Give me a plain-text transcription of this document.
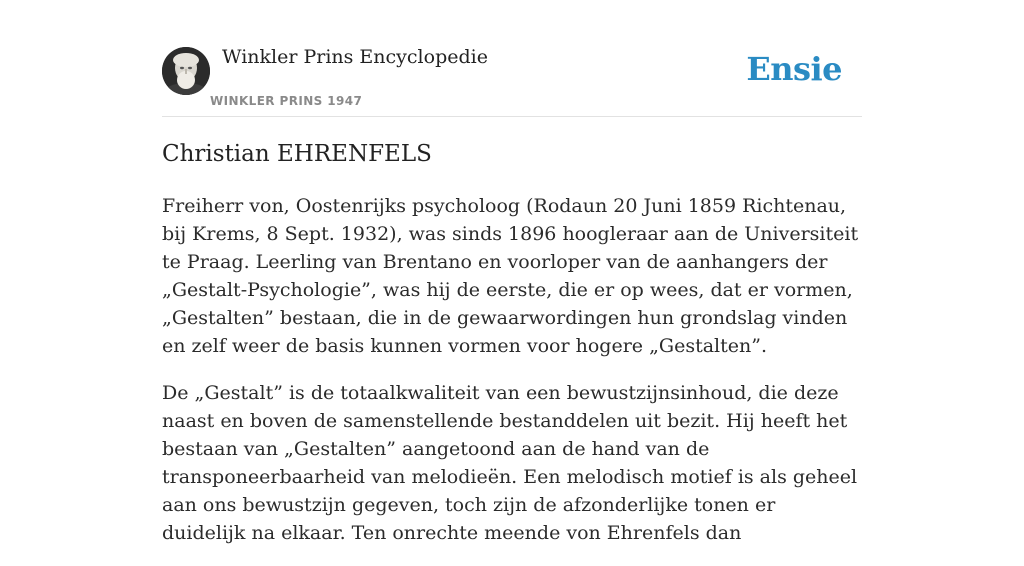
Winkler Prins Encyclopedie
WINKLER PRINS 1947
Ensie
Christian EHRENFELS

Freiherr von, Oostenrijks psycholoog (Rodaun 20 Juni 1859 Richtenau, bij Krems, 8 Sept. 1932), was sinds 1896 hoogleraar aan de Universiteit te Praag. Leerling van Brentano en voorloper van de aanhangers der „Gestalt-Psychologie”, was hij de eerste, die er op wees, dat er vormen, „Gestalten” bestaan, die in de gewaarwordingen hun grondslag vinden en zelf weer de basis kunnen vormen voor hogere „Gestalten”.

De „Gestalt” is de totaalkwaliteit van een bewustzijnsinhoud, die deze naast en boven de samenstellende bestanddelen uit bezit. Hij heeft het bestaan van „Gestalten” aangetoond aan de hand van de transponeerbaarheid van melodieën. Een melodisch motief is als geheel aan ons bewustzijn gegeven, toch zijn de afzonderlijke tonen er duidelijk na elkaar. Ten onrechte meende von Ehrenfels dan
